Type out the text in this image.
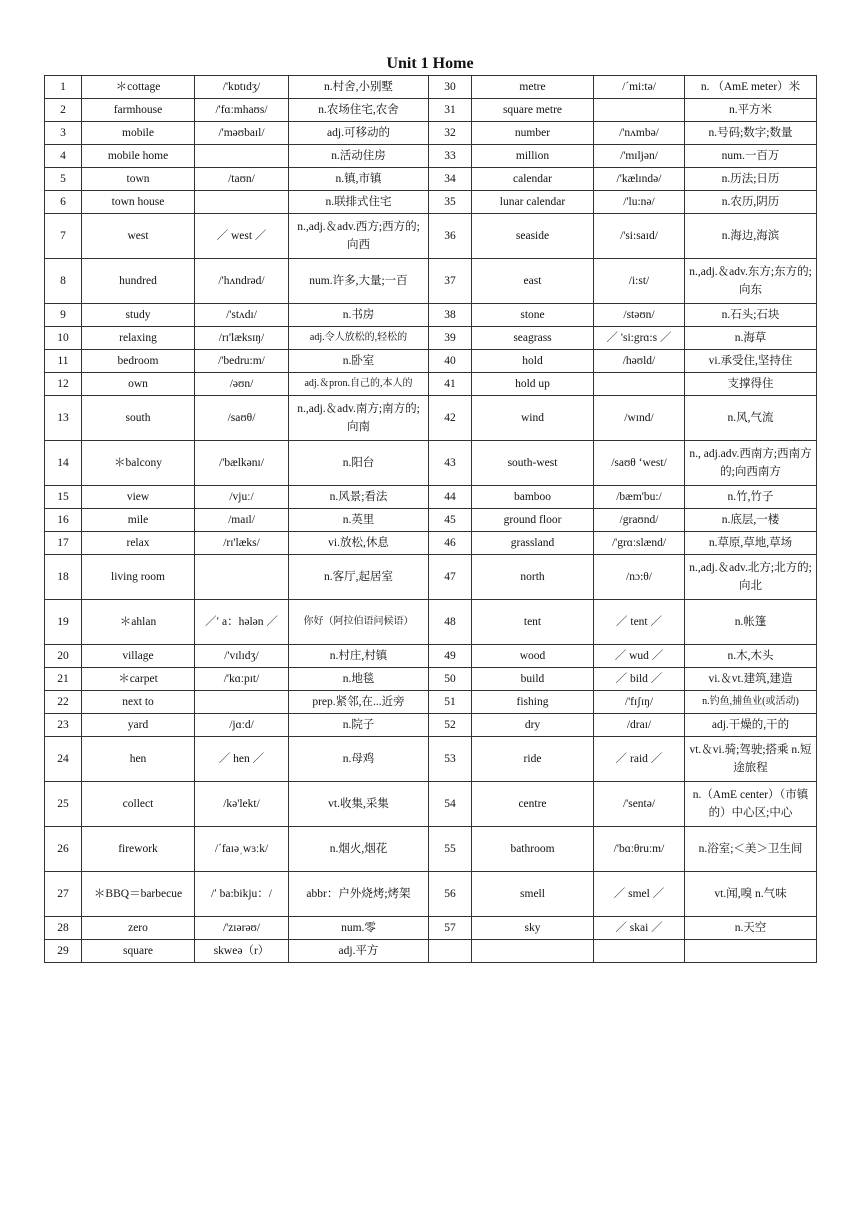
Unit 1 Home
1	＊cottage	/'kɒtɪdʒ/	n.村舍,小别墅	30	metre	/ˊmi:tə/	n. （AmE meter）米
2	farmhouse	/'fɑːmhaʊs/	n.农场住宅,农舍	31	square metre		n.平方米
3	mobile	/'məʊbaɪl/	adj.可移动的	32	number	/'nʌmbə/	n.号码;数字;数量
4	mobile home		n.活动住房	33	million	/'mɪljən/	num.一百万
5	town	/taʊn/	n.镇,市镇	34	calendar	/'kælɪndə/	n.历法;日历
6	town house		n.联排式住宅	35	lunar calendar	/'lu:nə/	n.农历,阴历
7	west	／ west ／	n.,adj.＆adv.西方;西方的;向西	36	seaside	/'si:saɪd/	n.海边,海滨
8	hundred	/'hʌndrəd/	num.许多,大量;一百	37	east	/i:st/	n.,adj.＆adv.东方;东方的;向东
9	study	/'stʌdɪ/	n.书房	38	stone	/stəʊn/	n.石头;石块
10	relaxing	/rɪ'læksɪŋ/	adj.令人放松的,轻松的	39	seagrass	／ 'si:grɑ:s ／	n.海草
11	bedroom	/'bedru:m/	n.卧室	40	hold	/həʊld/	vi.承受住,坚持住
12	own	/əʊn/	adj.＆pron.自己的,本人的	41	hold up		支撑得住
13	south	/saʊθ/	n.,adj.＆adv.南方;南方的;向南	42	wind	/wɪnd/	n.风,气流
14	＊balcony	/'bælkənɪ/	n.阳台	43	south-west	/saʊθ ‘west/	n., adj.adv.西南方;西南方的;向西南方
15	view	/vjuː/	n.风景;看法	44	bamboo	/bæm'bu:/	n.竹,竹子
16	mile	/maɪl/	n.英里	45	ground floor	/graʊnd/	n.底层,一楼
17	relax	/rɪ'læks/	vi.放松,休息	46	grassland	/'grɑːslænd/	n.草原,草地,草场
18	living room		n.客厅,起居室	47	north	/nɔ:θ/	n.,adj.＆adv.北方;北方的;向北
19	＊ahlan	／ʹ a：hələn ／	你好（阿拉伯语问候语）	48	tent	／ tent ／	n.帐篷
20	village	/'vɪlɪdʒ/	n.村庄,村镇	49	wood	／ wud ／	n.木,木头
21	＊carpet	/'kɑːpɪt/	n.地毯	50	build	／ bild ／	vi.＆vt.建筑,建造
22	next to		prep.紧邻,在...近旁	51	fishing	/'fɪʃɪŋ/	n.钓鱼,捕鱼业(或活动)
23	yard	/jɑːd/	n.院子	52	dry	/draɪ/	adj.干燥的,干的
24	hen	／ hen ／	n.母鸡	53	ride	／ raid ／	vt.＆vi.骑;驾驶;搭乘 n.短途旅程
25	collect	/kə'lekt/	vt.收集,采集	54	centre	/'sentə/	n.（AmE center）（市镇的）中心区;中心
26	firework	/ˊfaɪəˌwɜːk/	n.烟火,烟花	55	bathroom	/'bɑːθruːm/	n.浴室;＜美＞卫生间
27	＊BBQ＝barbecue	/ʹ ba:bikju：/	abbr：户外烧烤;烤架	56	smell	／ smel ／	vt.闻,嗅 n.气味
28	zero	/'zɪərəʊ/	num.零	57	sky	／ skai ／	n.天空
29	square	skweə（r）	adj.平方				
